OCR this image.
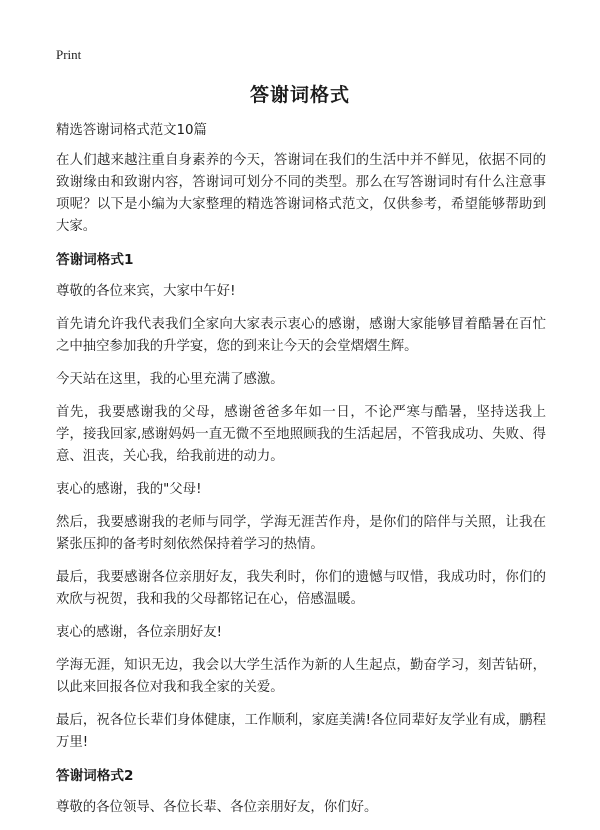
Print
答谢词格式

精选答谢词格式范文10篇

在人们越来越注重自身素养的今天，答谢词在我们的生活中并不鲜见，依据不同的致谢缘由和致谢内容，答谢词可划分不同的类型。那么在写答谢词时有什么注意事项呢？以下是小编为大家整理的精选答谢词格式范文，仅供参考，希望能够帮助到大家。

答谢词格式1

尊敬的各位来宾，大家中午好!

首先请允许我代表我们全家向大家表示衷心的感谢，感谢大家能够冒着酷暑在百忙之中抽空参加我的升学宴，您的到来让今天的会堂熠熠生辉。

今天站在这里，我的心里充满了感激。

首先，我要感谢我的父母，感谢爸爸多年如一日，不论严寒与酷暑，坚持送我上学，接我回家,感谢妈妈一直无微不至地照顾我的生活起居，不管我成功、失败、得意、沮丧，关心我，给我前进的动力。

衷心的感谢，我的"父母!

然后，我要感谢我的老师与同学，学海无涯苦作舟，是你们的陪伴与关照，让我在紧张压抑的备考时刻依然保持着学习的热情。

最后，我要感谢各位亲朋好友，我失利时，你们的遗憾与叹惜，我成功时，你们的欢欣与祝贺，我和我的父母都铭记在心，倍感温暖。

衷心的感谢，各位亲朋好友!

学海无涯，知识无边，我会以大学生活作为新的人生起点，勤奋学习，刻苦钻研，以此来回报各位对我和我全家的关爱。

最后，祝各位长辈们身体健康，工作顺利，家庭美满!各位同辈好友学业有成，鹏程万里!

答谢词格式2

尊敬的各位领导、各位长辈、各位亲朋好友，你们好。
